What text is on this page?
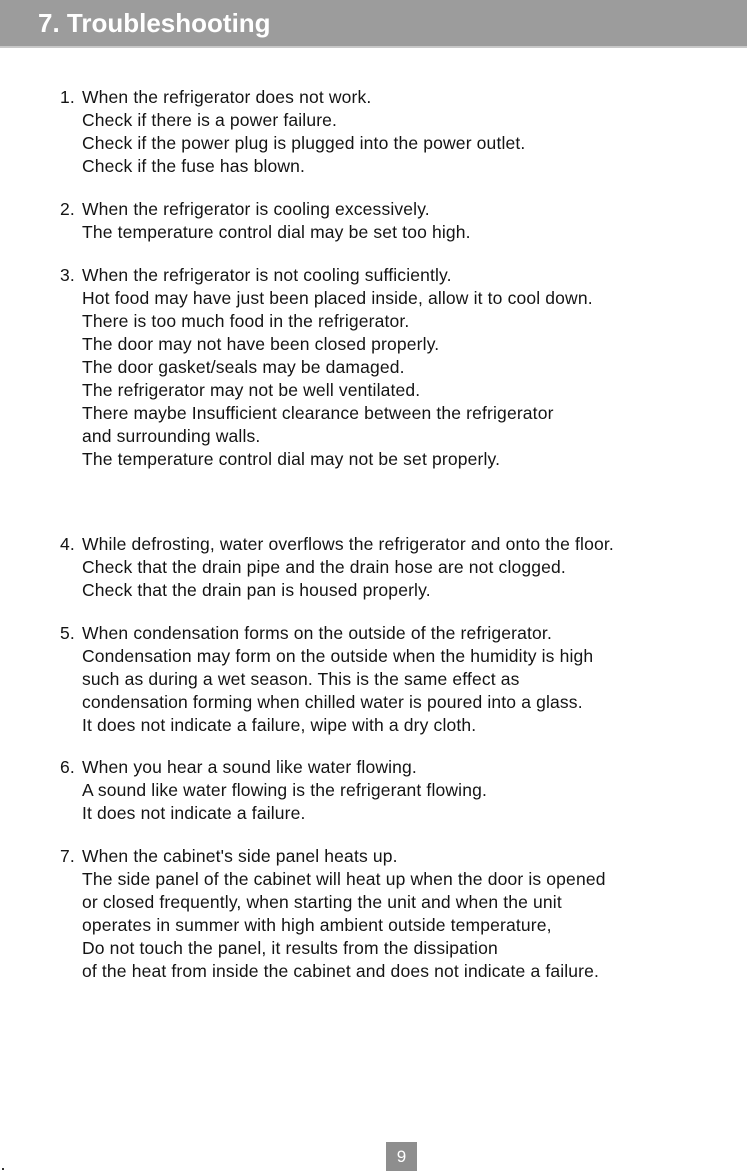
7. Troubleshooting
1. When the refrigerator does not work.
Check if there is a power failure.
Check if the power plug is plugged into the power outlet.
Check if the fuse has blown.
2. When the refrigerator is cooling excessively.
The temperature control dial may be set too high.
3. When the refrigerator is not cooling sufficiently.
Hot food may have just been placed inside, allow it to cool down.
There is too much food in the refrigerator.
The door may not have been closed properly.
The door gasket/seals may be damaged.
The refrigerator may not be well ventilated.
There maybe Insufficient clearance between the refrigerator
and surrounding walls.
The temperature control dial may not be set properly.
4. While defrosting, water overflows the refrigerator and onto the floor.
Check that the drain pipe and the drain hose are not clogged.
Check that the drain pan is housed properly.
5. When condensation forms on the outside of the refrigerator.
Condensation may form on the outside when the humidity is high
such as during a wet season. This is the same effect as
condensation forming when chilled water is poured into a glass.
It does not indicate a failure, wipe with a dry cloth.
6. When you hear a sound like water flowing.
A sound like water flowing is the refrigerant flowing.
It does not indicate a failure.
7. When the cabinet's side panel heats up.
The side panel of the cabinet will heat up when the door is opened
or closed frequently, when starting the unit and when the unit
operates in summer with high ambient outside temperature,
Do not touch the panel, it results from the dissipation
of the heat from inside the cabinet and does not indicate a failure.
9
